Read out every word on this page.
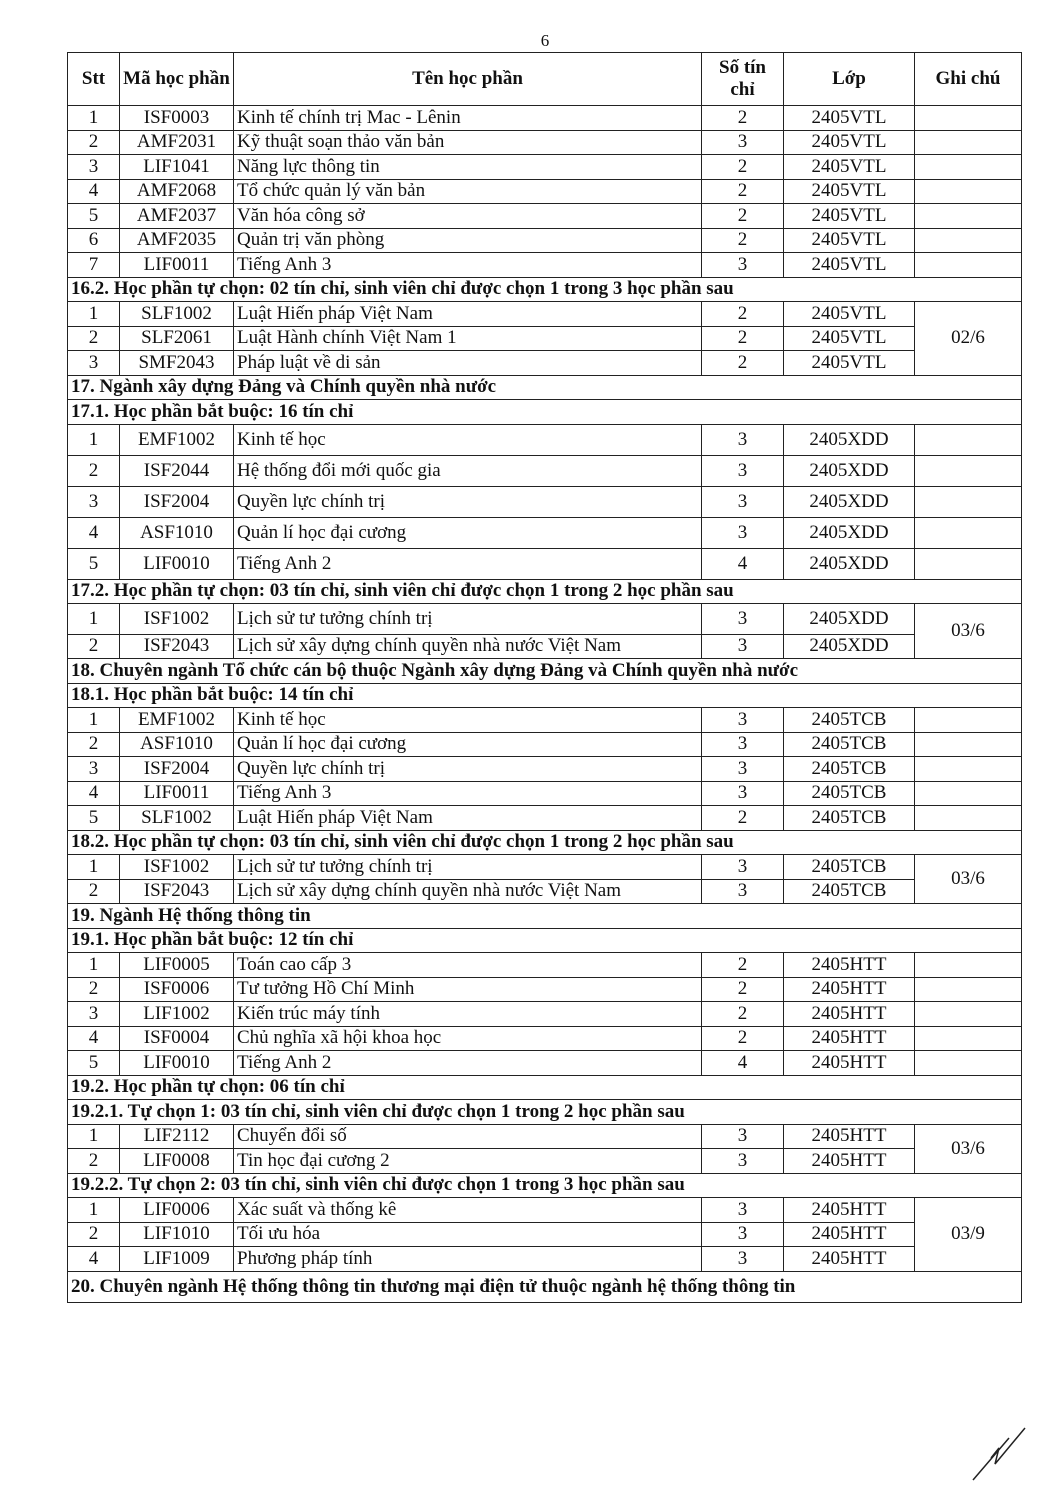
6
Stt	Mã học phần	Tên học phần	Số tín chỉ	Lớp	Ghi chú
1	ISF0003	Kinh tế chính trị Mac - Lênin	2	2405VTL	
2	AMF2031	Kỹ thuật soạn thảo văn bản	3	2405VTL	
3	LIF1041	Năng lực thông tin	2	2405VTL	
4	AMF2068	Tổ chức quản lý văn bản	2	2405VTL	
5	AMF2037	Văn hóa công sở	2	2405VTL	
6	AMF2035	Quản trị văn phòng	2	2405VTL	
7	LIF0011	Tiếng Anh 3	3	2405VTL	
16.2. Học phần tự chọn: 02 tín chỉ, sinh viên chỉ được chọn 1 trong 3 học phần sau					
1	SLF1002	Luật Hiến pháp Việt Nam	2	2405VTL	02/6
2	SLF2061	Luật Hành chính Việt Nam 1	2	2405VTL	
3	SMF2043	Pháp luật về di sản	2	2405VTL	
17. Ngành xây dựng Đảng và Chính quyền nhà nước					
17.1. Học phần bắt buộc: 16 tín chỉ					
1	EMF1002	Kinh tế học	3	2405XDD	
2	ISF2044	Hệ thống đổi mới quốc gia	3	2405XDD	
3	ISF2004	Quyền lực chính trị	3	2405XDD	
4	ASF1010	Quản lí học đại cương	3	2405XDD	
5	LIF0010	Tiếng Anh 2	4	2405XDD	
17.2. Học phần tự chọn: 03 tín chỉ, sinh viên chỉ được chọn 1 trong 2 học phần sau					
1	ISF1002	Lịch sử tư tưởng chính trị	3	2405XDD	03/6
2	ISF2043	Lịch sử xây dựng chính quyền nhà nước Việt Nam	3	2405XDD	
18. Chuyên ngành Tổ chức cán bộ thuộc Ngành xây dựng Đảng và Chính quyền nhà nước					
18.1. Học phần bắt buộc: 14 tín chỉ					
1	EMF1002	Kinh tế học	3	2405TCB	
2	ASF1010	Quản lí học đại cương	3	2405TCB	
3	ISF2004	Quyền lực chính trị	3	2405TCB	
4	LIF0011	Tiếng Anh 3	3	2405TCB	
5	SLF1002	Luật Hiến pháp Việt Nam	2	2405TCB	
18.2. Học phần tự chọn: 03 tín chỉ, sinh viên chỉ được chọn 1 trong 2 học phần sau					
1	ISF1002	Lịch sử tư tưởng chính trị	3	2405TCB	03/6
2	ISF2043	Lịch sử xây dựng chính quyền nhà nước Việt Nam	3	2405TCB	
19. Ngành Hệ thống thông tin					
19.1. Học phần bắt buộc: 12 tín chỉ					
1	LIF0005	Toán cao cấp 3	2	2405HTT	
2	ISF0006	Tư tưởng Hồ Chí Minh	2	2405HTT	
3	LIF1002	Kiến trúc máy tính	2	2405HTT	
4	ISF0004	Chủ nghĩa xã hội khoa học	2	2405HTT	
5	LIF0010	Tiếng Anh 2	4	2405HTT	
19.2. Học phần tự chọn: 06 tín chỉ					
19.2.1. Tự chọn 1: 03 tín chỉ, sinh viên chỉ được chọn 1 trong 2 học phần sau					
1	LIF2112	Chuyển đổi số	3	2405HTT	03/6
2	LIF0008	Tin học đại cương 2	3	2405HTT	
19.2.2. Tự chọn 2: 03 tín chỉ, sinh viên chỉ được chọn 1 trong 3 học phần sau					
1	LIF0006	Xác suất và thống kê	3	2405HTT	03/9
2	LIF1010	Tối ưu hóa	3	2405HTT	
4	LIF1009	Phương pháp tính	3	2405HTT	
20. Chuyên ngành Hệ thống thông tin thương mại điện tử thuộc ngành hệ thống thông tin					
